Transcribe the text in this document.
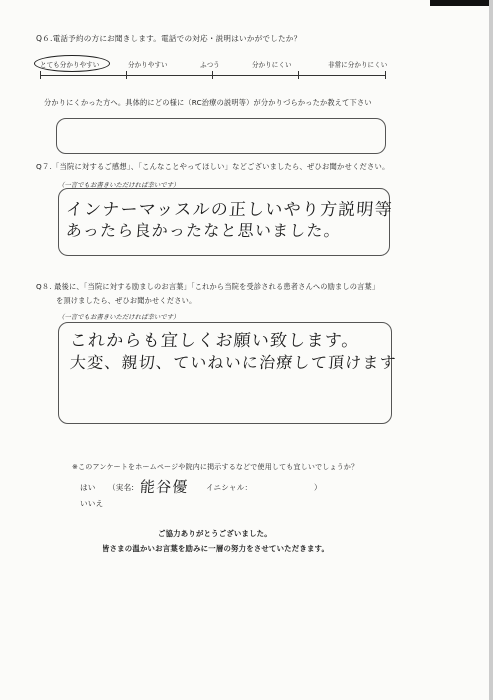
Q６.電話予約の方にお聞きします。電話での対応・説明はいかがでしたか？
とても分かりやすい	分かりやすい	ふつう	分かりにくい	非常に分かりにくい
分かりにくかった方へ。具体的にどの様に（RC治療の説明等）が分かりづらかったか教えて下さい
Q７.「当院に対するご感想」、「こんなことやってほしい」などございましたら、ぜひお聞かせください。
（一言でもお書きいただければ幸いです）
インナーマッスルの正しいやり方説明等
あったら良かったなと思いました。
Q８. 最後に、「当院に対する励ましのお言葉」「これから当院を受診される患者さんへの励ましの言葉」
を頂けましたら、ぜひお聞かせください。
（一言でもお書きいただければ幸いです）
これからも宜しくお願い致します。
大変、親切、ていねいに治療して頂けます
※このアンケートをホームページや院内に掲示するなどで使用しても宜しいでしょうか？
はい （実名: 能谷優 イニシャル：	）
いいえ
ご協力ありがとうございました。
皆さまの温かいお言葉を励みに一層の努力をさせていただきます。
